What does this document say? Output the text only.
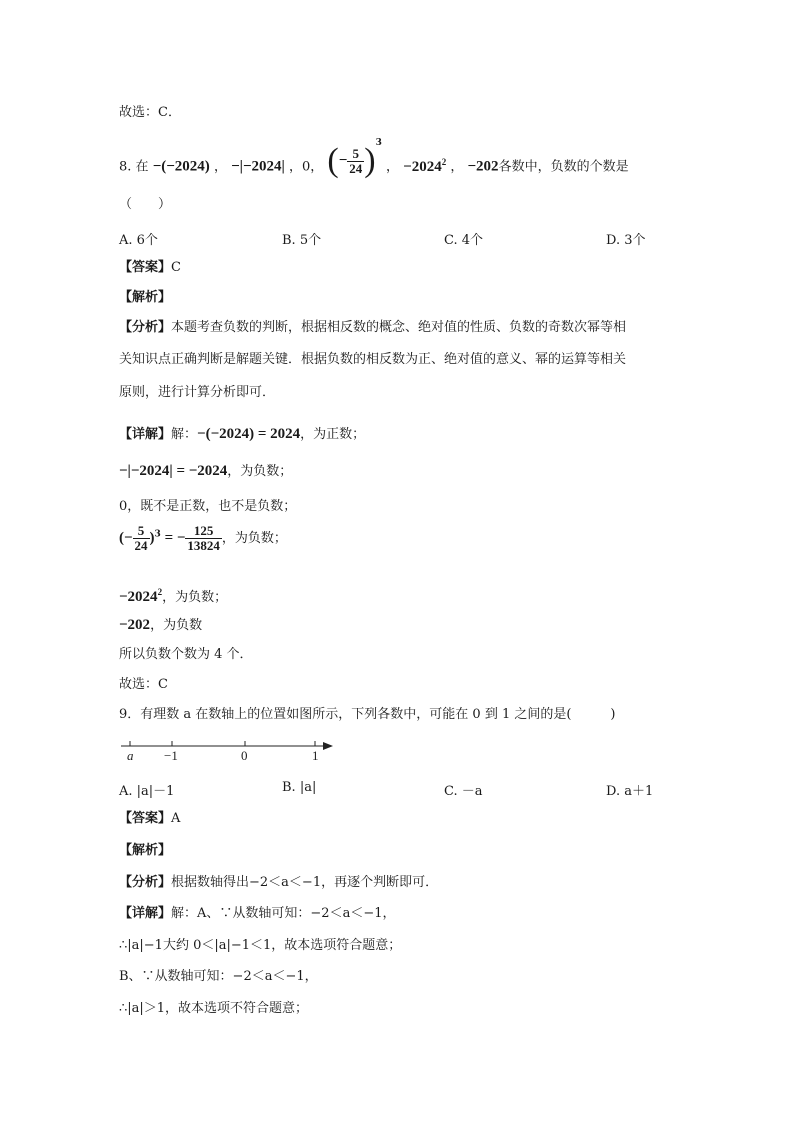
故选：C．
8. 在 −(−2024) ， −|−2024| ，0， (− $\frac{5}{24} )^3$ ， $-2024^2$ ， −202各数中，负数的个数是
（　　）
A. 6个	B. 5个	C. 4个	D. 3个
【答案】C
【解析】
【分析】本题考查负数的判断，根据相反数的概念、绝对值的性质、负数的奇数次幂等相
关知识点正确判断是解题关键．根据负数的相反数为正、绝对值的意义、幂的运算等相关
原则，进行计算分析即可．
【详解】解：−(−2024) = 2024，为正数；
−|−2024| = −2024，为负数；
0，既不是正数，也不是负数；
(− $\frac{5}{24} )^3$ = − $\frac{125}{13824}$ ，为负数；
$-2024^2$，为负数；
−202，为负数
所以负数个数为 4 个．
故选：C
9．有理数 a 在数轴上的位置如图所示，下列各数中，可能在 0 到 1 之间的是(　　　)
a −1	0	1
A. |a|－1	B. |a|	C. －a	D. a＋1
【答案】A
【解析】
【分析】根据数轴得出−2＜a＜−1，再逐个判断即可．
【详解】解：A、∵从数轴可知：−2＜a＜−1，
∴|a|−1大约 0＜|a|−1＜1，故本选项符合题意；
B、∵从数轴可知：−2＜a＜−1，
∴|a|＞1，故本选项不符合题意；
